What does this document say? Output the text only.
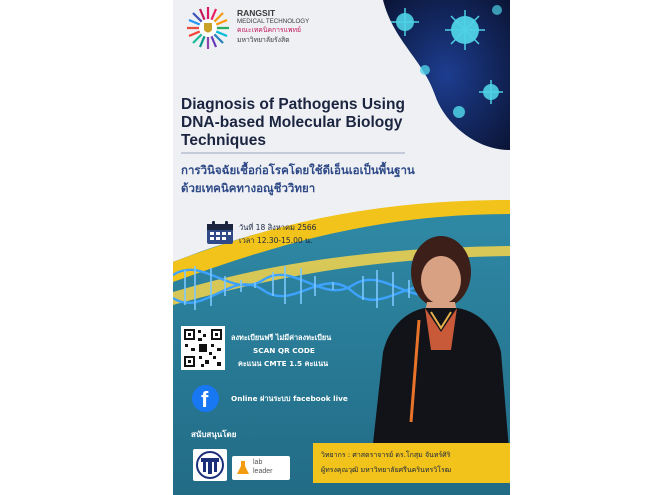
RANGSIT
MEDICAL TECHNOLOGY
คณะเทคนิคการแพทย์
มหาวิทยาลัยรังสิต
Diagnosis of Pathogens Using
DNA-based Molecular Biology
Techniques
การวินิจฉัยเชื้อก่อโรคโดยใช้ดีเอ็นเอเป็นพื้นฐาน
ด้วยเทคนิคทางอณูชีววิทยา
วันที่ 18 สิงหาคม 2566
เวลา 12.30-15.00 น.
ลงทะเบียนฟรี ไม่มีค่าลงทะเบียน
SCAN QR CODE
คะแนน CMTE 1.5 คะแนน
f	Online ผ่านระบบ facebook live
สนับสนุนโดย
lab
leader
วิทยากร : ศาสตราจารย์ ดร.โกสุม จันทร์ศิริ
ผู้ทรงคุณวุฒิ มหาวิทยาลัยศรีนครินทรวิโรฒ
